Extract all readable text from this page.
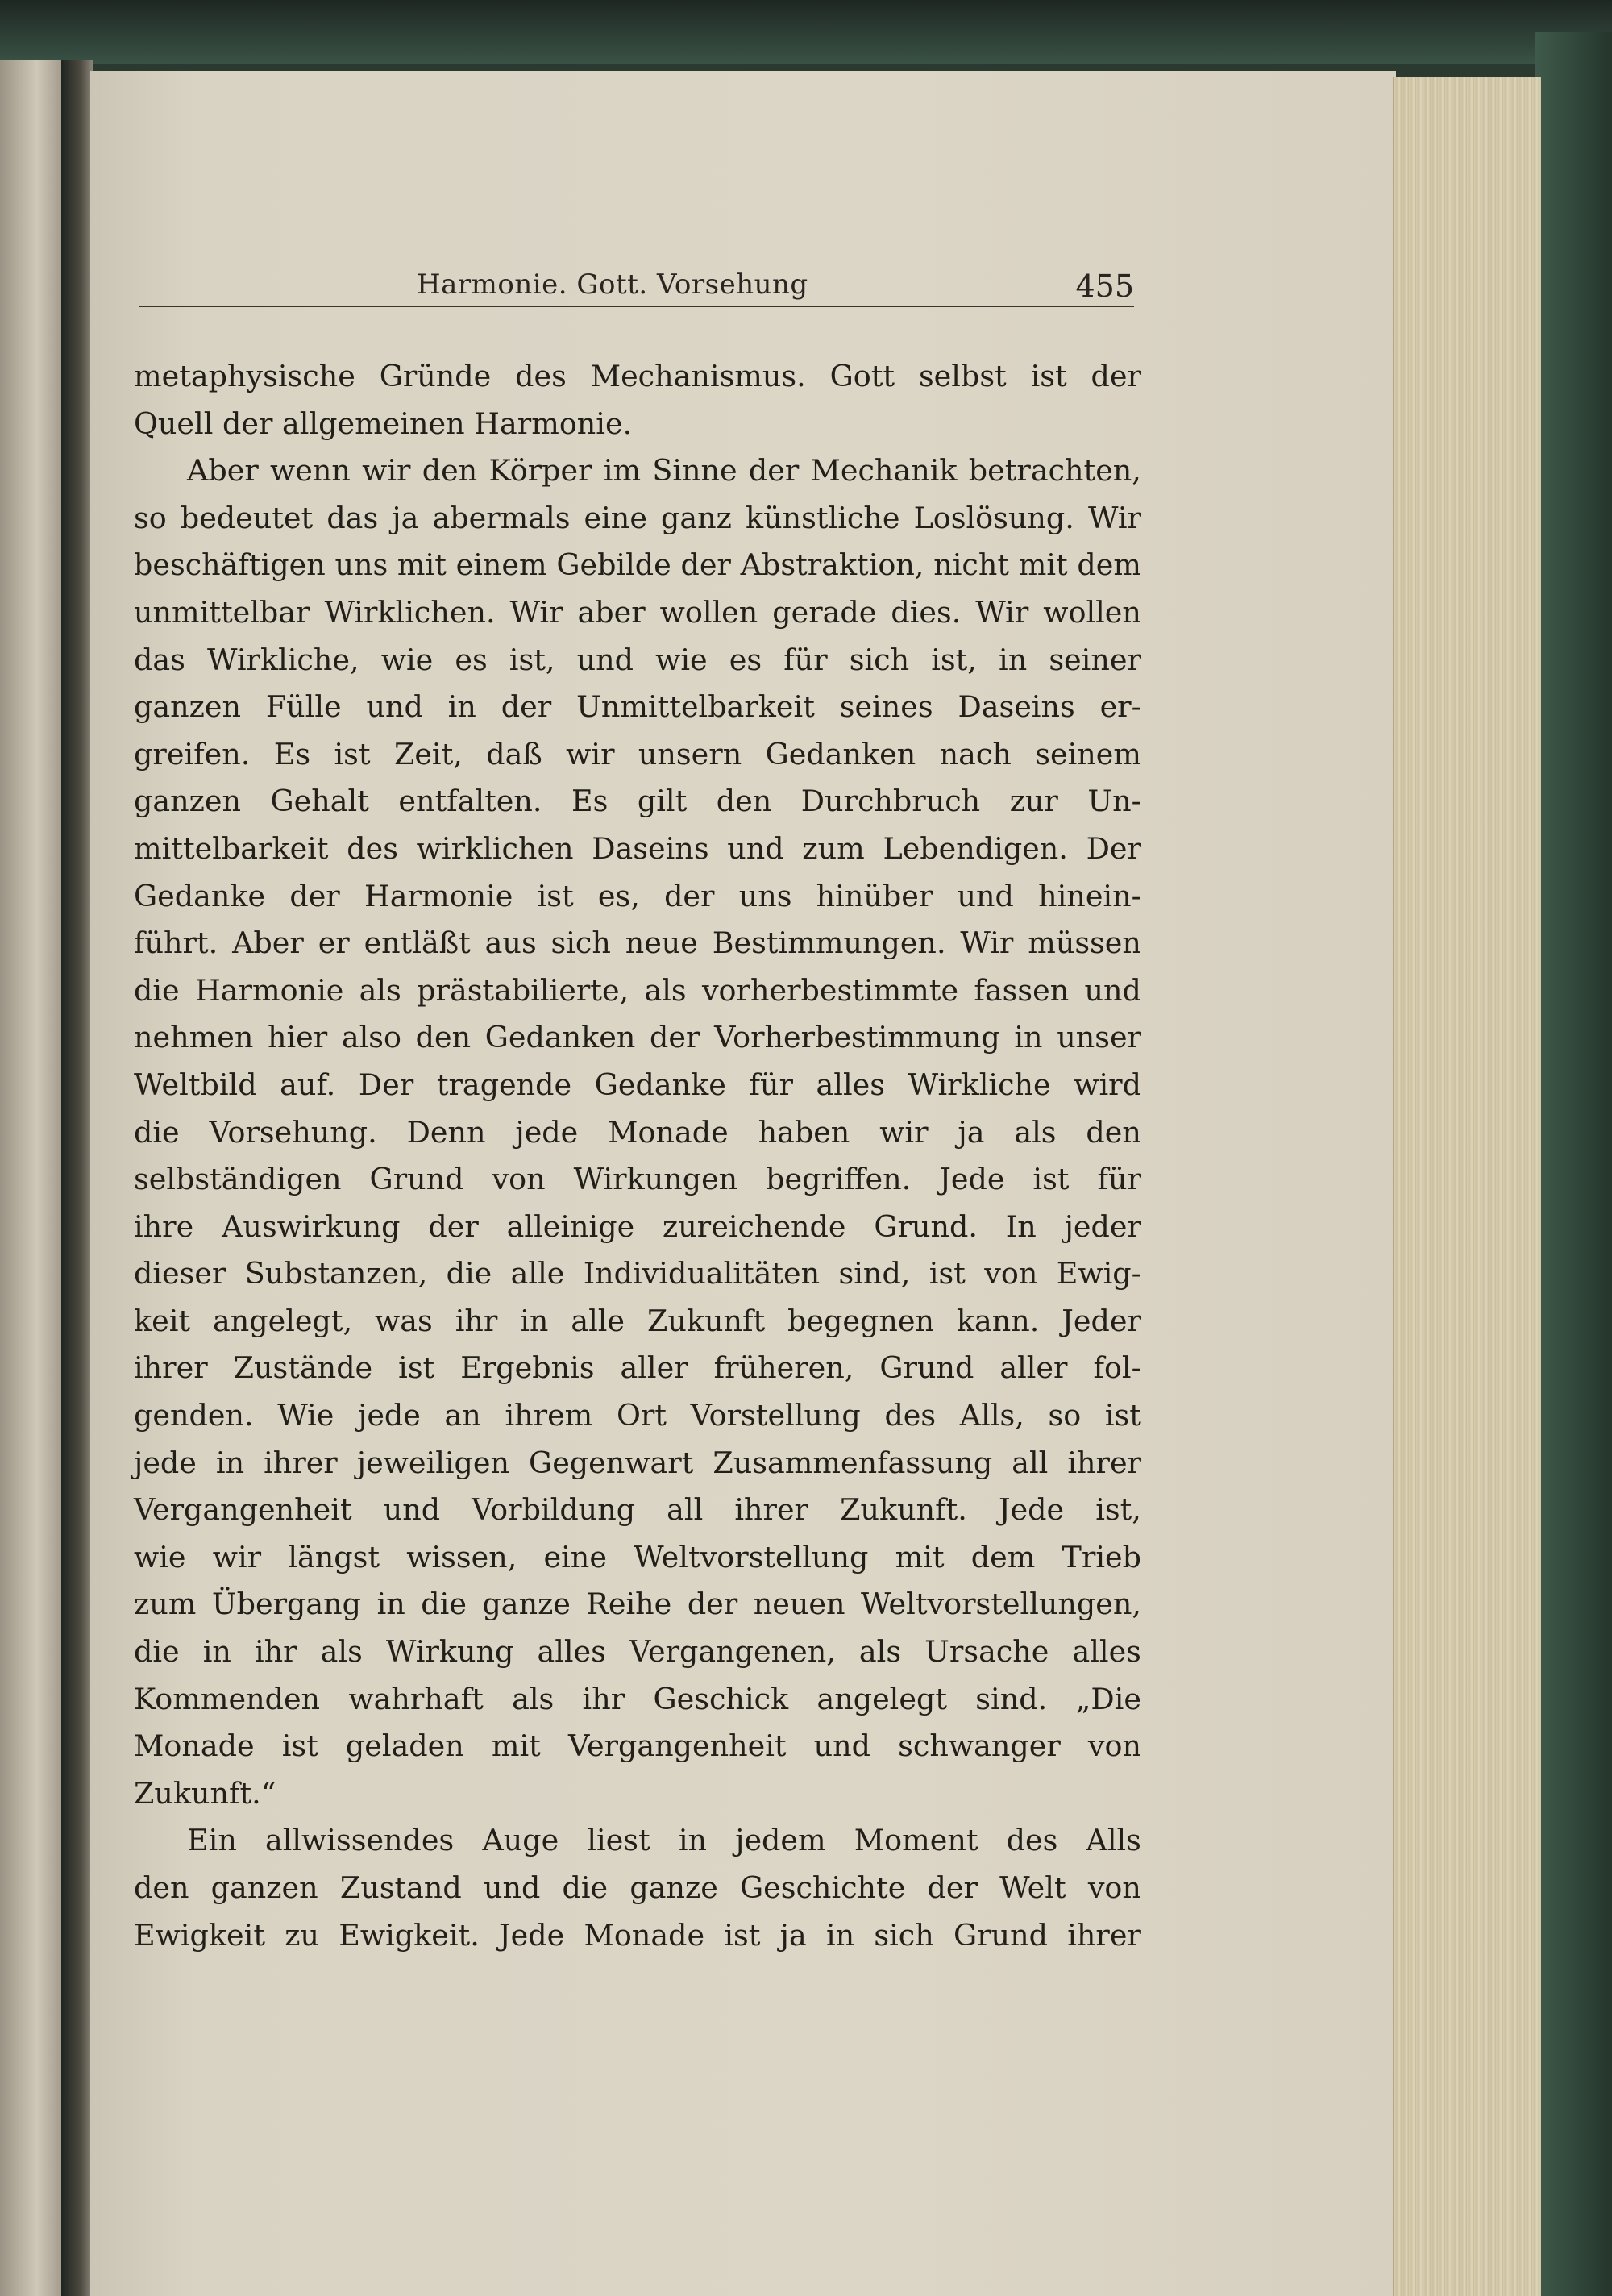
Harmonie. Gott. Vorsehung	455
metaphysische Gründe des Mechanismus. Gott selbst ist der
Quell der allgemeinen Harmonie.
Aber wenn wir den Körper im Sinne der Mechanik betrachten,
so bedeutet das ja abermals eine ganz künstliche Loslösung. Wir
beschäftigen uns mit einem Gebilde der Abstraktion, nicht mit dem
unmittelbar Wirklichen. Wir aber wollen gerade dies. Wir wollen
das Wirkliche, wie es ist, und wie es für sich ist, in seiner
ganzen Fülle und in der Unmittelbarkeit seines Daseins er-
greifen. Es ist Zeit, daß wir unsern Gedanken nach seinem
ganzen Gehalt entfalten. Es gilt den Durchbruch zur Un-
mittelbarkeit des wirklichen Daseins und zum Lebendigen. Der
Gedanke der Harmonie ist es, der uns hinüber und hinein-
führt. Aber er entläßt aus sich neue Bestimmungen. Wir müssen
die Harmonie als prästabilierte, als vorherbestimmte fassen und
nehmen hier also den Gedanken der Vorherbestimmung in unser
Weltbild auf. Der tragende Gedanke für alles Wirkliche wird
die Vorsehung. Denn jede Monade haben wir ja als den
selbständigen Grund von Wirkungen begriffen. Jede ist für
ihre Auswirkung der alleinige zureichende Grund. In jeder
dieser Substanzen, die alle Individualitäten sind, ist von Ewig-
keit angelegt, was ihr in alle Zukunft begegnen kann. Jeder
ihrer Zustände ist Ergebnis aller früheren, Grund aller fol-
genden. Wie jede an ihrem Ort Vorstellung des Alls, so ist
jede in ihrer jeweiligen Gegenwart Zusammenfassung all ihrer
Vergangenheit und Vorbildung all ihrer Zukunft. Jede ist,
wie wir längst wissen, eine Weltvorstellung mit dem Trieb
zum Übergang in die ganze Reihe der neuen Weltvorstellungen,
die in ihr als Wirkung alles Vergangenen, als Ursache alles
Kommenden wahrhaft als ihr Geschick angelegt sind. „Die
Monade ist geladen mit Vergangenheit und schwanger von
Zukunft.“
Ein allwissendes Auge liest in jedem Moment des Alls
den ganzen Zustand und die ganze Geschichte der Welt von
Ewigkeit zu Ewigkeit. Jede Monade ist ja in sich Grund ihrer
